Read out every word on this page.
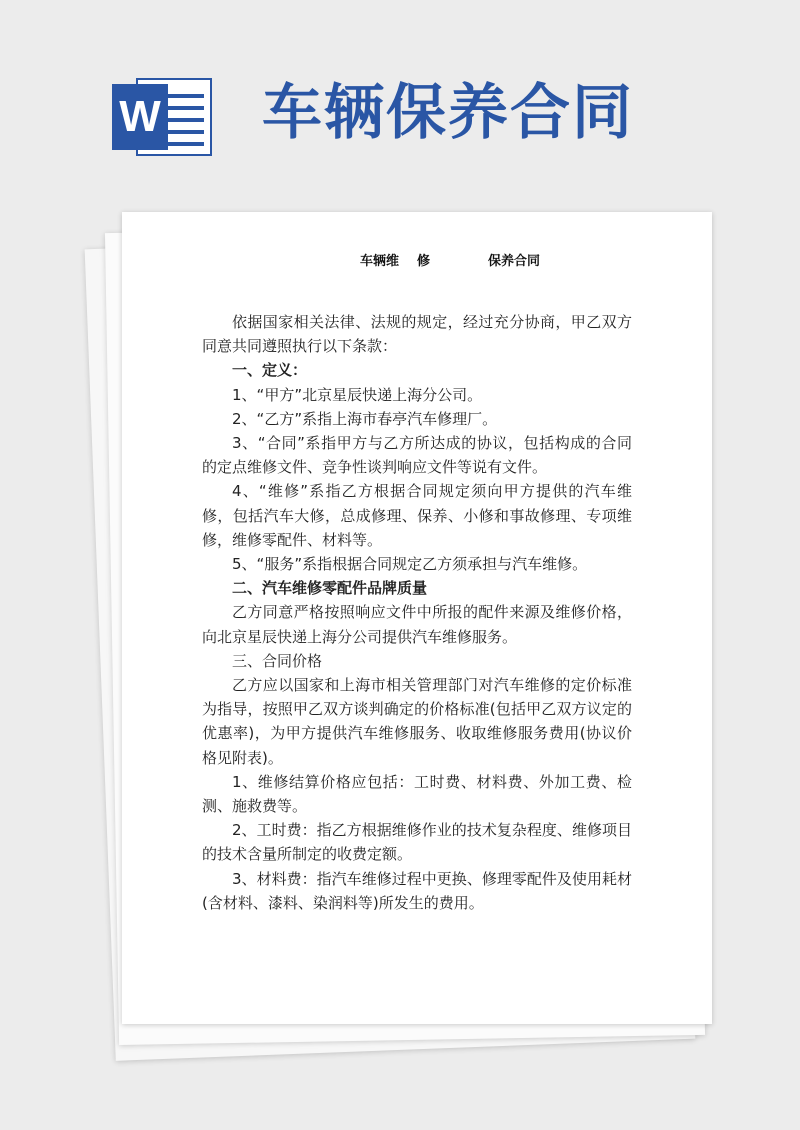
W 车辆保养合同
车辆维 修	保养合同

依据国家相关法律、法规的规定，经过充分协商，甲乙双方同意共同遵照执行以下条款：

一、定义：

1、“甲方”北京星辰快递上海分公司。

2、“乙方”系指上海市春亭汽车修理厂。

3、“合同”系指甲方与乙方所达成的协议，包括构成的合同的定点维修文件、竞争性谈判响应文件等说有文件。

4、“维修”系指乙方根据合同规定须向甲方提供的汽车维修，包括汽车大修，总成修理、保养、小修和事故修理、专项维修，维修零配件、材料等。

5、“服务”系指根据合同规定乙方须承担与汽车维修。

二、汽车维修零配件品牌质量

乙方同意严格按照响应文件中所报的配件来源及维修价格，向北京星辰快递上海分公司提供汽车维修服务。

三、合同价格

乙方应以国家和上海市相关管理部门对汽车维修的定价标准为指导，按照甲乙双方谈判确定的价格标准(包括甲乙双方议定的优惠率)，为甲方提供汽车维修服务、收取维修服务费用(协议价格见附表)。

1、维修结算价格应包括：工时费、材料费、外加工费、检测、施救费等。

2、工时费：指乙方根据维修作业的技术复杂程度、维修项目的技术含量所制定的收费定额。

3、材料费：指汽车维修过程中更换、修理零配件及使用耗材(含材料、漆料、染润料等)所发生的费用。
